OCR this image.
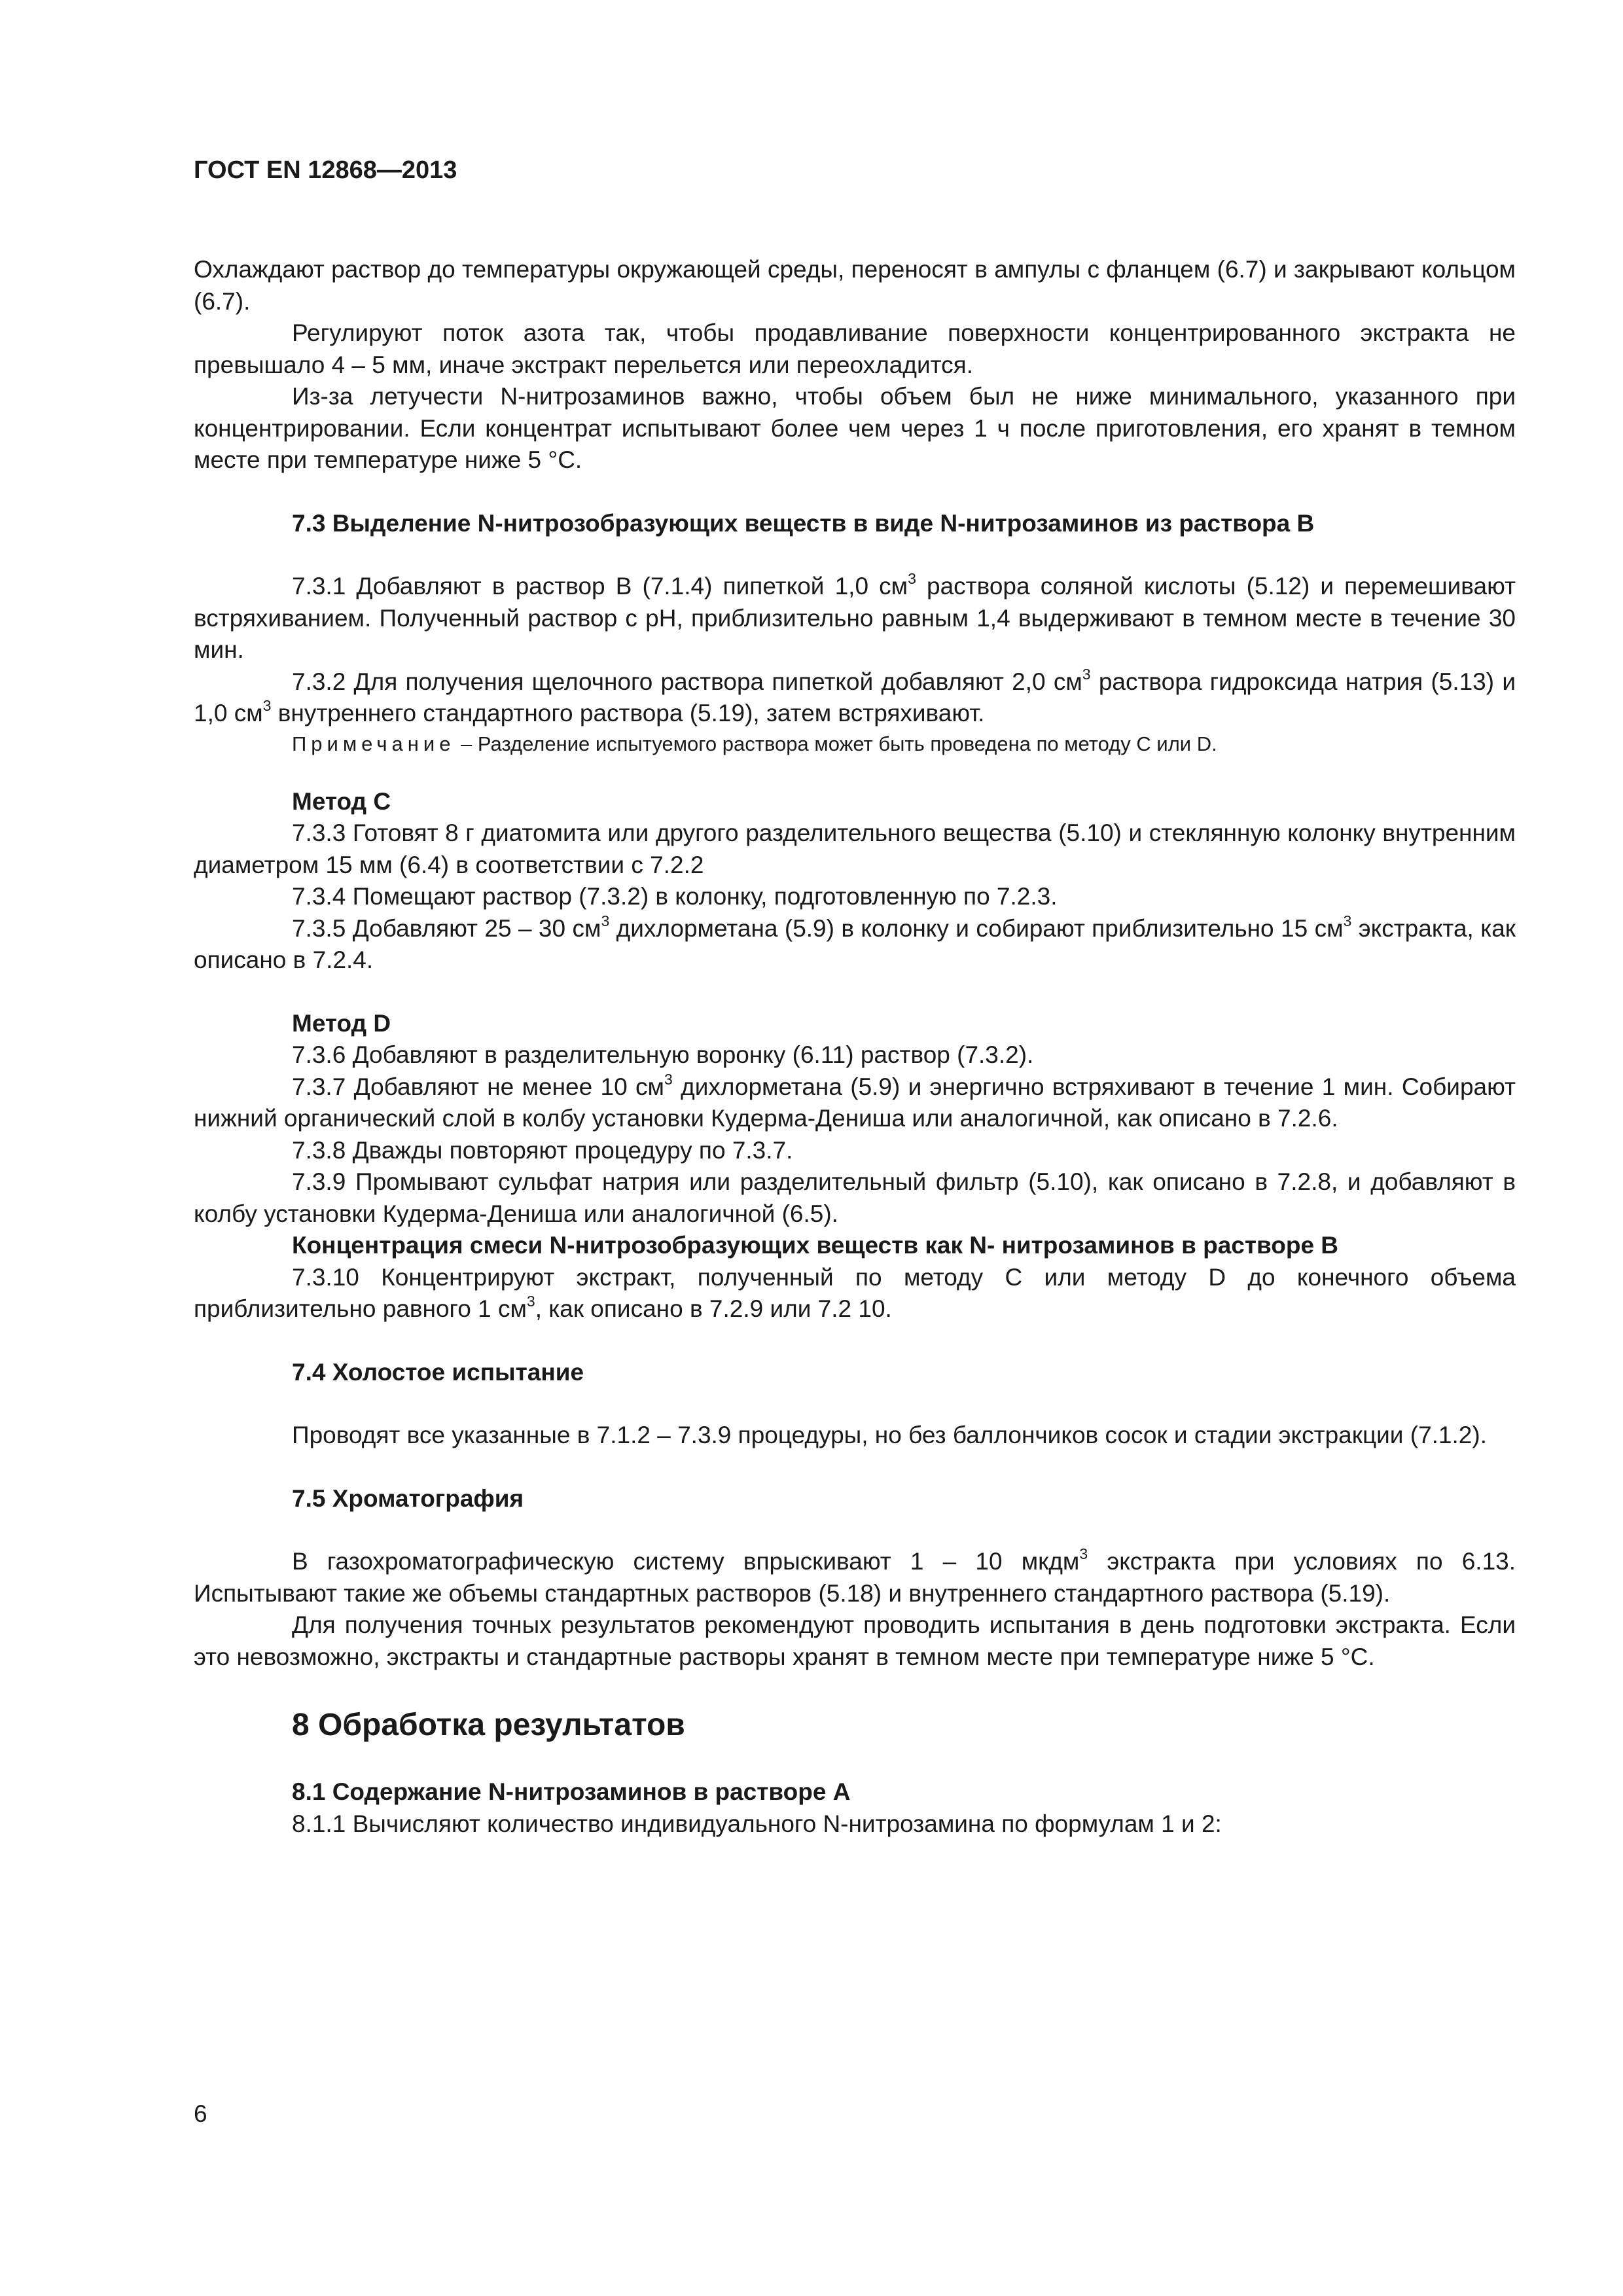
ГОСТ EN 12868—2013

Охлаждают раствор до температуры окружающей среды, переносят в ампулы с фланцем (6.7) и закрывают кольцом (6.7).

Регулируют поток азота так, чтобы продавливание поверхности концентрированного экстракта не превышало 4 – 5 мм, иначе экстракт перельется или переохладится.

Из-за летучести N-нитрозаминов важно, чтобы объем был не ниже минимального, указанного при концентрировании. Если концентрат испытывают более чем через 1 ч после приготовления, его хранят в темном месте при температуре ниже 5 °С.

7.3 Выделение N-нитрозобразующих веществ в виде N-нитрозаминов из раствора В

7.3.1 Добавляют в раствор В (7.1.4) пипеткой 1,0 $см^3$ раствора соляной кислоты (5.12) и перемешивают встряхиванием. Полученный раствор с рН, приблизительно равным 1,4 выдерживают в темном месте в течение 30 мин.

7.3.2 Для получения щелочного раствора пипеткой добавляют 2,0 $см^3$ раствора гидроксида натрия (5.13) и 1,0 $см^3$ внутреннего стандартного раствора (5.19), затем встряхивают.

Примечание – Разделение испытуемого раствора может быть проведена по методу С или D.

Метод С

7.3.3 Готовят 8 г диатомита или другого разделительного вещества (5.10) и стеклянную колонку внутренним диаметром 15 мм (6.4) в соответствии с 7.2.2

7.3.4 Помещают раствор (7.3.2) в колонку, подготовленную по 7.2.3.

7.3.5 Добавляют 25 – 30 $см^3$ дихлорметана (5.9) в колонку и собирают приблизительно 15 $см^3$ экстракта, как описано в 7.2.4.

Метод D

7.3.6 Добавляют в разделительную воронку (6.11) раствор (7.3.2).

7.3.7 Добавляют не менее 10 $см^3$ дихлорметана (5.9) и энергично встряхивают в течение 1 мин. Собирают нижний органический слой в колбу установки Кудерма-Дениша или аналогичной, как описано в 7.2.6.

7.3.8 Дважды повторяют процедуру по 7.3.7.

7.3.9 Промывают сульфат натрия или разделительный фильтр (5.10), как описано в 7.2.8, и добавляют в колбу установки Кудерма-Дениша или аналогичной (6.5).

Концентрация смеси N-нитрозобразующих веществ как N- нитрозаминов в растворе В

7.3.10 Концентрируют экстракт, полученный по методу С или методу D до конечного объема приблизительно равного 1 $см^3$, как описано в 7.2.9 или 7.2 10.

7.4 Холостое испытание

Проводят все указанные в 7.1.2 – 7.3.9 процедуры, но без баллончиков сосок и стадии экстракции (7.1.2).

7.5 Хроматография

В газохроматографическую систему впрыскивают 1 – 10 мкдм$^3$ экстракта при условиях по 6.13. Испытывают такие же объемы стандартных растворов (5.18) и внутреннего стандартного раствора (5.19).

Для получения точных результатов рекомендуют проводить испытания в день подготовки экстракта. Если это невозможно, экстракты и стандартные растворы хранят в темном месте при температуре ниже 5 °С.

8 Обработка результатов

8.1 Содержание N-нитрозаминов в растворе А

8.1.1 Вычисляют количество индивидуального N-нитрозамина по формулам 1 и 2:

6
